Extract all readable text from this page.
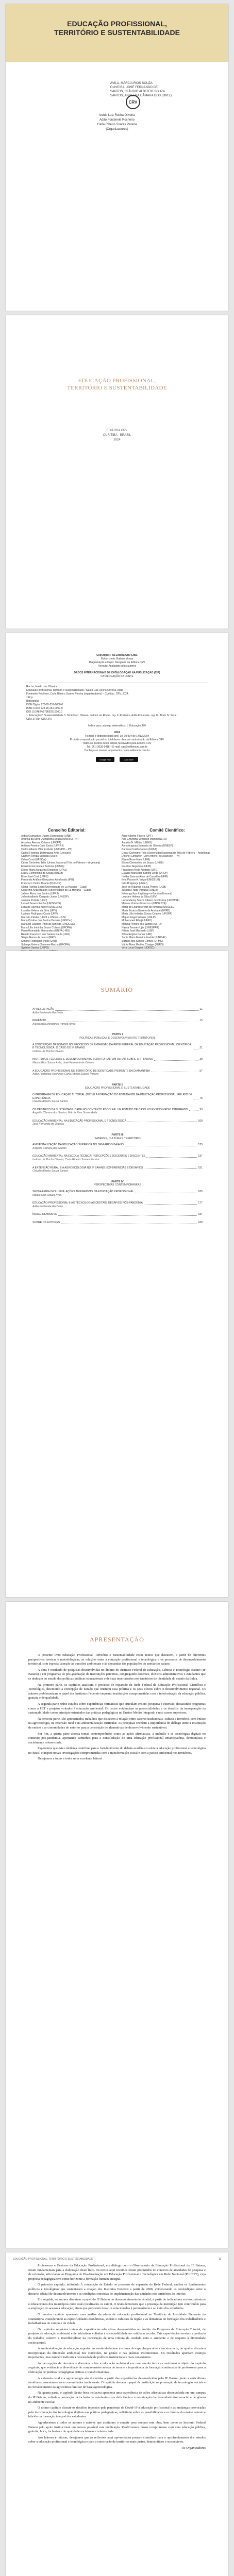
EDUCAÇÃO PROFISSIONAL,
TERRITÓRIO E SUSTENTABILIDADE
ÁVILA, MÁRCIA RIOS SOUZA
OLIVEIRA, JOSÉ FERNANDO DE
SANTOS, CLÁUDIO ALBERTO SOUZA
SANTOS, ANGELITA CÂMARA DOS (ORG.)
CRV
Ivaldo Luiz Rocha Oliveira
Adão Fontenele Rocheiro
Carla Ribeiro Soares Pereira
(Organizadores)
EDUCAÇÃO PROFISSIONAL,
TERRITÓRIO E SUSTENTABILIDADE
EDITORA CRV
CURITIBA - BRASIL
2024
Copyright © da Editora CRV Ltda.
Editor-chefe: Railson Moura
Diagramação e Capa: Designers da Editora CRV
Revisão: Analisado pelos autores
DADOS INTERNACIONAIS DE CATALOGAÇÃO NA PUBLICAÇÃO (CIP)
CATALOGAÇÃO NA FONTE
Rocha, Ivaldo Luiz Oliveira
Educação profissional, território e sustentabilidade / Ivaldo Luiz Rocha Oliveira, Adão
Fontenele Rocheiro, Carla Ribeiro Soares Pereira (organizadores) – Curitiba : CRV, 2024.
192 p.
Bibliografia
ISBN Digital 978-65-251-0000-0
ISBN Físico 978-65-251-0000-0
DOI 10.24824/978652510000.0
1. Educação 2. Sustentabilidade 3. Território I. Oliveira, Ivaldo Luiz Rocha. org. II. Rocheiro, Adão Fontenele. org. III. Título IV. Série
CDU 37.014 CDD 370
Índice para catálogo sistemático: 1. Educação 370
2024
Foi feito o depósito legal conf. Lei 10.994 de 14/12/2004
Proibida a reprodução parcial ou total desta obra sem autorização da Editora CRV
Todos os direitos desta edição reservados pela Editora CRV
Tel.: (41) 3039-6418 – E-mail: sac@editoracrv.com.br
Conheça os nossos lançamentos: www.editoracrv.com.br
Google Play	App Store
Conselho Editorial:
Aldira Guimarães Duarte Domínguez (UNB)
Andréia da Silva Quintanilha Sousa (UNIR/UFRN)
Anselmo Alencar Colares (UFOPA)
Antônio Pereira Gaio Júnior (UFRRJ)
Carlos Alberto Vilar Estêvão (UMINHO – PT)
Carlos Federico Dominguez Avila (Unieuro)
Carmen Tereza Velanga (UNIR)
Celso Conti (UFSCar)
Cesar Gerónimo Tello (Univer. Nacional Três de Febrero – Argentina)
Eduardo Fernandes Barbosa (UFMG)
Elione Maria Nogueira Diogenes (UFAL)
Elizeu Clementino de Souza (UNEB)
Élsio José Corá (UFFS)
Fernando Antônio Gonçalves Alcoforado (IPB)
Francisco Carlos Duarte (PUC-PR)
Gloria Fariñas León (Universidade de La Havana – Cuba)
Guillermo Arias Beatón (Universidade de La Havana – Cuba)
Jailson Alves dos Santos (UFRJ)
João Adalberto Campato Junior (UNESP)
Josania Portela (UFPI)
Leonel Severo Rocha (UNISINOS)
Lídia de Oliveira Xavier (UNIEURO)
Lourdes Helena da Silva (UFV)
Luciano Rodrigues Costa (UFV)
Marcelo Paixão (UFRJ e UTexas – US)
Maria Cristina dos Santos Bezerra (UFSCar)
Maria de Lourdes Pinto de Almeida (UNOESC)
Maria Lília Imbiriba Sousa Colares (UFOPA)
Paulo Romualdo Hernandes (UNIFAL-MG)
Renato Francisco dos Santos Paula (UFG)
Sérgio Nunes de Jesus (IFRO)
Simone Rodrigues Pinto (UNB)
Solange Helena Ximenes-Rocha (UFOPA)
Sydione Santos (UEPG)
Comitê Científico:
Altair Alberto Fávero (UPF)
Ana Chrystina Venancio Mignot (UERJ)
Andréia N. Militão (UEMS)
Anna Augusta Sampaio de Oliveira (UNESP)
Barbara Coelho Neves (UFBA)
Cesar Gerónimo Tello (Universidad Nacional de Três de Febrero – Argentina)
Diosnel Centurion (Univ Americ. de Asunción – Py)
Eliane Rose Maio (UEM)
Elizeu Clementino de Souza (UNEB)
Fauston Negreiros (UFPI)
Francisco Ari de Andrade (UFC)
Gláucia Maria dos Santos Jorge (UFOP)
Helder Buenos Aires de Carvalho (UFPI)
Ilma Passos A. Veiga (UNICEUB)
Inês Bragança (UERJ)
José de Ribamar Sousa Pereira (UCB)
Jussara Fraga Portugal (UNEB)
Kilwangy Kya Kapitango-a-Samba (Unemat)
Lourdes Helena da Silva (UFV)
Lucia Marisy Souza Ribeiro de Oliveira (UNIVASF)
Marcos Vinicius Francisco (UNOESTE)
Maria de Lourdes Pinto de Almeida (UNOESC)
Maria Eurácia Barreto de Andrade (UFRB)
Maria Lília Imbiriba Sousa Colares (UFOPA)
Míguel Ángel Vallejos (UNLP)
Mohammed Elhajji (UFRJ)
Mônica Pereira dos Santos (UFRJ)
Najela Tavares Ujiie (UNESPAR)
Nilson José Machado (USP)
Silvia Regina Canan (URI)
Sonia Maria Ferreira Koehler (UNISAL)
Suzana dos Santos Gomes (UFMG)
Vânia Alves Martins Chaigar (FURG)
Vera Lucia Gaspar (UDESC)
SUMÁRIO
APRESENTAÇÃO	11
Adão Fontenele Rocheiro
PREFÁCIO	15
Alessandra Mendonça Portela Alves
PARTE I
POLÍTICAS PÚBLICAS E DESENVOLVIMENTO TERRITORIAL
A CONCEPÇÃO DE ESTADO NO PROCESSO DE EXPANSÃO DA REDE FEDERAL DE EDUCAÇÃO PROFISSIONAL, CIENTÍFICA E TECNOLÓGICA: O CASO DO IF BAIANO	21
Ivaldo Luiz Rocha Oliveira
INSTITUTOS FEDERAIS E DESENVOLVIMENTO TERRITORIAL: UM OLHAR SOBRE O IF BAIANO	39
Márcia Rios Souza Ávila; José Fernando de Oliveira
A EDUCAÇÃO PROFISSIONAL NO TERRITÓRIO DE IDENTIDADE PIEMONTE DA DIAMANTINA	57
Adão Fontenele Rocheiro; Carla Ribeiro Soares Pereira
PARTE II
EDUCAÇÃO PROFISSIONAL E SUSTENTABILIDADE
O PROGRAMA DE EDUCAÇÃO TUTORIAL (PET) E A FORMAÇÃO DO ESTUDANTE NA EDUCAÇÃO PROFISSIONAL: RELATO DE EXPERIÊNCIA	75
Cláudio Alberto Souza Santos
OS DESAFIOS DA SUSTENTABILIDADE NO CONTEXTO ESCOLAR: UM ESTUDO DE CASO NO ENSINO MÉDIO INTEGRADO	93
Angelita Câmara dos Santos; Márcia Rios Souza Ávila
EDUCAÇÃO AMBIENTAL NA EDUCAÇÃO PROFISSIONAL E TECNOLÓGICA	109
José Fernando de Oliveira
PARTE III
SABERES, CULTURA E TERRITÓRIO
AMBIENTALIZAÇÃO DA EDUCAÇÃO SUPERIOR NO SEMIÁRIDO BAIANO	125
Angelita Câmara dos Santos
EDUCAÇÃO AMBIENTAL NA ESCOLA TÉCNICA: PERCEPÇÕES DOCENTES E DISCENTES	137
Ivaldo Luiz Rocha Oliveira; Carla Ribeiro Soares Pereira
A EXTENSÃO RURAL E A AGROECOLOGIA NO IF BAIANO: EXPERIÊNCIAS E DESAFIOS	151
Cláudio Alberto Souza Santos
PARTE IV
PERSPECTIVAS CONTEMPORÂNEAS
SEXTA-FEIRA INCLUSIVA: AÇÕES AFIRMATIVAS NA EDUCAÇÃO PROFISSIONAL	165
Márcia Rios Souza Ávila
EDUCAÇÃO PROFISSIONAL E AS TECNOLOGIAS DIGITAIS: DESAFIOS PÓS-PANDEMIA	177
Adão Fontenele Rocheiro
ÍNDICE REMISSIVO	187
SOBRE OS AUTORES	189
APRESENTAÇÃO

O presente livro Educação Profissional, Território e Sustentabilidade reúne textos que discutem, a partir de diferentes perspectivas teóricas e metodológicas, as relações entre a educação profissional e tecnológica e os processos de desenvolvimento territorial, com especial atenção às questões ambientais e às demandas das populações do semiárido baiano.

A obra é resultado de pesquisas desenvolvidas no âmbito do Instituto Federal de Educação, Ciência e Tecnologia Baiano (IF Baiano) e em programas de pós-graduação de instituições parceiras, congregando docentes, técnicos administrativos e estudantes que se dedicam ao estudo das políticas públicas educacionais e de suas repercussões nos territórios de identidade do estado da Bahia.

Na primeira parte, os capítulos analisam o processo de expansão da Rede Federal de Educação Profissional, Científica e Tecnológica, discutindo a concepção de Estado que orientou essa política e os seus efeitos sobre o desenvolvimento regional. Os autores problematizam o papel dos Institutos Federais enquanto instituições comprometidas com a interiorização da educação pública, gratuita e de qualidade.

A segunda parte reúne estudos sobre experiências formativas que articulam ensino, pesquisa e extensão, destacando programas como o PET e projetos voltados à educação ambiental. Os textos evidenciam as potencialidades e os desafios da incorporação da sustentabilidade como princípio orientador das práticas pedagógicas no Ensino Médio Integrado e nos cursos superiores.

Na terceira parte, são apresentados trabalhos que discutem a relação entre saberes tradicionais, cultura e território, com ênfase na agroecologia, na extensão rural e na ambientalização curricular. As pesquisas revelam a importância do diálogo entre a instituição de ensino e as comunidades do entorno para a construção de alternativas de desenvolvimento sustentável.

Por fim, a quarta parte aborda temas contemporâneos como as ações afirmativas, a inclusão e as tecnologias digitais no contexto pós-pandemia, apontando caminhos para a consolidação de uma educação profissional emancipatória, democrática e socialmente referenciada.

Esperamos que esta coletânea contribua para o fortalecimento do debate acadêmico sobre a educação profissional e tecnológica no Brasil e inspire novas investigações comprometidas com a transformação social e com a justiça ambiental nos territórios.

Desejamos a todas e todos uma excelente leitura!

EDUCAÇÃO PROFISSIONAL, TERRITÓRIO E SUSTENTABILIDADE	11

Professores e Gestores da Educação Profissional, em diálogo com o Observatório da Educação Profissional do IF Baiano, foram fundamentais para a elaboração deste livro. Os textos aqui reunidos foram produzidos no contexto de atividades de pesquisa e de extensão, articuladas ao Programa de Pós-Graduação em Educação Profissional e Tecnológica em Rede Nacional (ProfEPT), cuja proposta pedagógica tem como horizonte a formação humana integral.

O primeiro capítulo, intitulado A concepção de Estado no processo de expansão da Rede Federal, analisa os fundamentos políticos e ideológicos que sustentaram a criação dos Institutos Federais a partir de 2008, evidenciando as contradições entre o discurso oficial de desenvolvimento e as condições concretas de implementação das unidades nos territórios do interior.

Em seguida, os autores discutem o papel do IF Baiano no desenvolvimento territorial, a partir de indicadores socioeconômicos e educacionais dos municípios onde estão localizados os campi. O texto demonstra que a presença da instituição tem contribuído para a ampliação do acesso à educação, ainda que persistam desafios relacionados à permanência e ao êxito dos estudantes.

O terceiro capítulo apresenta uma análise da oferta de educação profissional no Território de Identidade Piemonte da Diamantina, considerando as especificidades econômicas, sociais e culturais da região e as demandas de formação dos trabalhadores e trabalhadoras do campo e da cidade.

Os capítulos seguintes tratam de experiências educativas desenvolvidas no âmbito do Programa de Educação Tutorial, de projetos de educação ambiental e de iniciativas voltadas à sustentabilidade no cotidiano escolar. Tais experiências revelam a potência do trabalho coletivo e interdisciplinar na construção de uma cultura de cuidado com o ambiente e de respeito à diversidade sociocultural.

A ambientalização da educação superior no semiárido baiano é o tema do capítulo que abre a terceira parte, no qual se discute a incorporação da dimensão ambiental nos currículos, na gestão e nas práticas institucionais. Os resultados apontam avanços importantes, mas também indicam a necessidade de políticas institucionais mais consistentes.

As percepções de docentes e discentes sobre a educação ambiental em uma escola técnica constituem o objeto do capítulo seguinte, que evidencia a diversidade de compreensões acerca do tema e a importância da formação continuada de professores para a efetivação de práticas pedagógicas críticas e transformadoras.

A extensão rural e a agroecologia são discutidas a partir das experiências desenvolvidas pelo IF Baiano junto a agricultores familiares, assentamentos e comunidades tradicionais. O capítulo destaca o papel da instituição na promoção de tecnologias sociais e no fortalecimento da agricultura familiar de base agroecológica.

Na quarta parte, o capítulo Sexta-feira inclusiva apresenta uma experiência de ações afirmativas desenvolvida em um campus do IF Baiano, voltada à promoção da inclusão de estudantes com deficiência e à valorização da diversidade étnico-racial e de gênero no ambiente escolar.

O último capítulo discute os desafios impostos pela pandemia de Covid-19 à educação profissional e as mudanças provocadas pela incorporação das tecnologias digitais nas práticas pedagógicas, refletindo sobre as possibilidades e os limites do ensino remoto e híbrido na formação integral dos estudantes.

Agradecemos a todos os autores e autoras que aceitaram o convite para compor esta obra, bem como ao Instituto Federal Baiano pelo apoio institucional que tornou possível esta publicação. Reafirmamos nosso compromisso com uma educação pública, gratuita, laica, inclusiva e de qualidade socialmente referenciada.

Aos leitores e leitoras, desejamos que as reflexões aqui apresentadas possam contribuir para o aprofundamento dos estudos sobre a educação profissional e tecnológica e para a construção de territórios mais justos, democráticos e sustentáveis.

Os Organizadores
